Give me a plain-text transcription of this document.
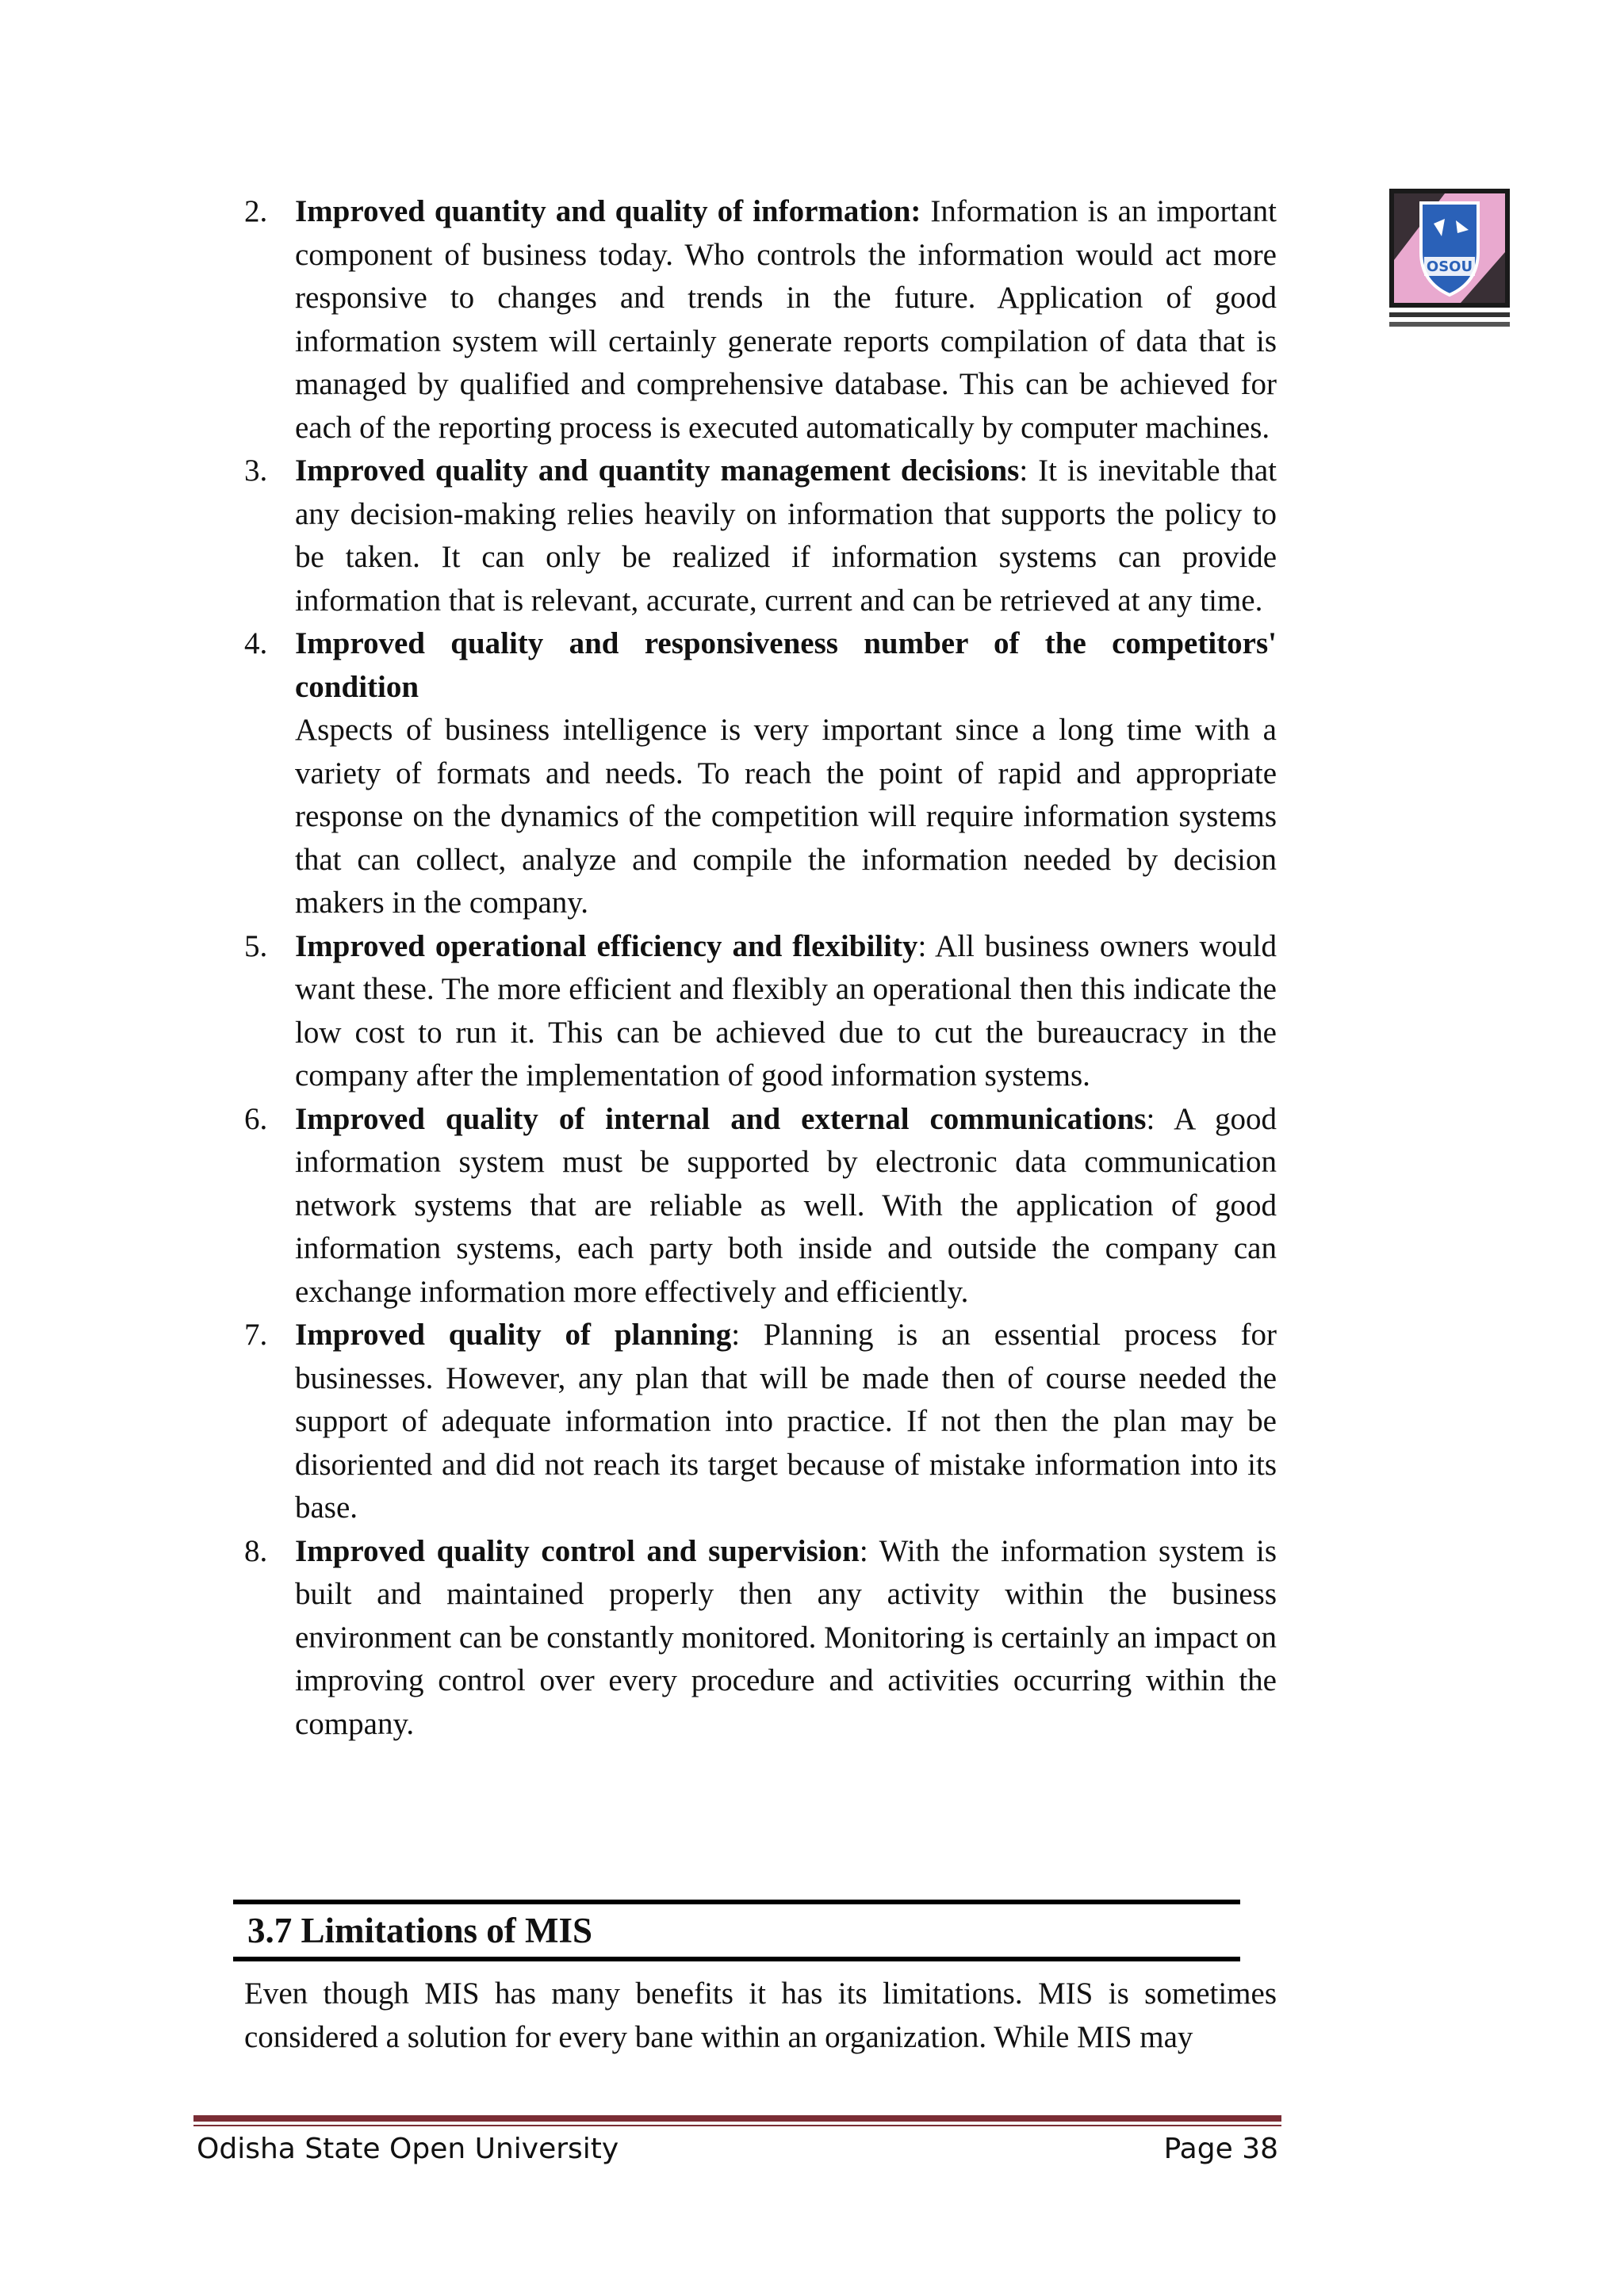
OSOU
2. Improved quantity and quality of information: Information is an important component of business today. Who controls the information would act more responsive to changes and trends in the future. Application of good information system will certainly generate reports compilation of data that is managed by qualified and comprehensive database. This can be achieved for each of the reporting process is executed automatically by computer machines.
3. Improved quality and quantity management decisions: It is inevitable that any decision-making relies heavily on information that supports the policy to be taken. It can only be realized if information systems can provide information that is relevant, accurate, current and can be retrieved at any time.
4. Improved quality and responsiveness number of the competitors' condition
Aspects of business intelligence is very important since a long time with a variety of formats and needs. To reach the point of rapid and appropriate response on the dynamics of the competition will require information systems that can collect, analyze and compile the information needed by decision makers in the company.
5. Improved operational efficiency and flexibility: All business owners would want these. The more efficient and flexibly an operational then this indicate the low cost to run it. This can be achieved due to cut the bureaucracy in the company after the implementation of good information systems.
6. Improved quality of internal and external communications: A good information system must be supported by electronic data communication network systems that are reliable as well. With the application of good information systems, each party both inside and outside the company can exchange information more effectively and efficiently.
7. Improved quality of planning: Planning is an essential process for businesses. However, any plan that will be made then of course needed the support of adequate information into practice. If not then the plan may be disoriented and did not reach its target because of mistake information into its base.
8. Improved quality control and supervision: With the information system is built and maintained properly then any activity within the business environment can be constantly monitored. Monitoring is certainly an impact on improving control over every procedure and activities occurring within the company.
3.7 Limitations of MIS

Even though MIS has many benefits it has its limitations. MIS is sometimes considered a solution for every bane within an organization. While MIS may

Odisha State Open University	Page 38
